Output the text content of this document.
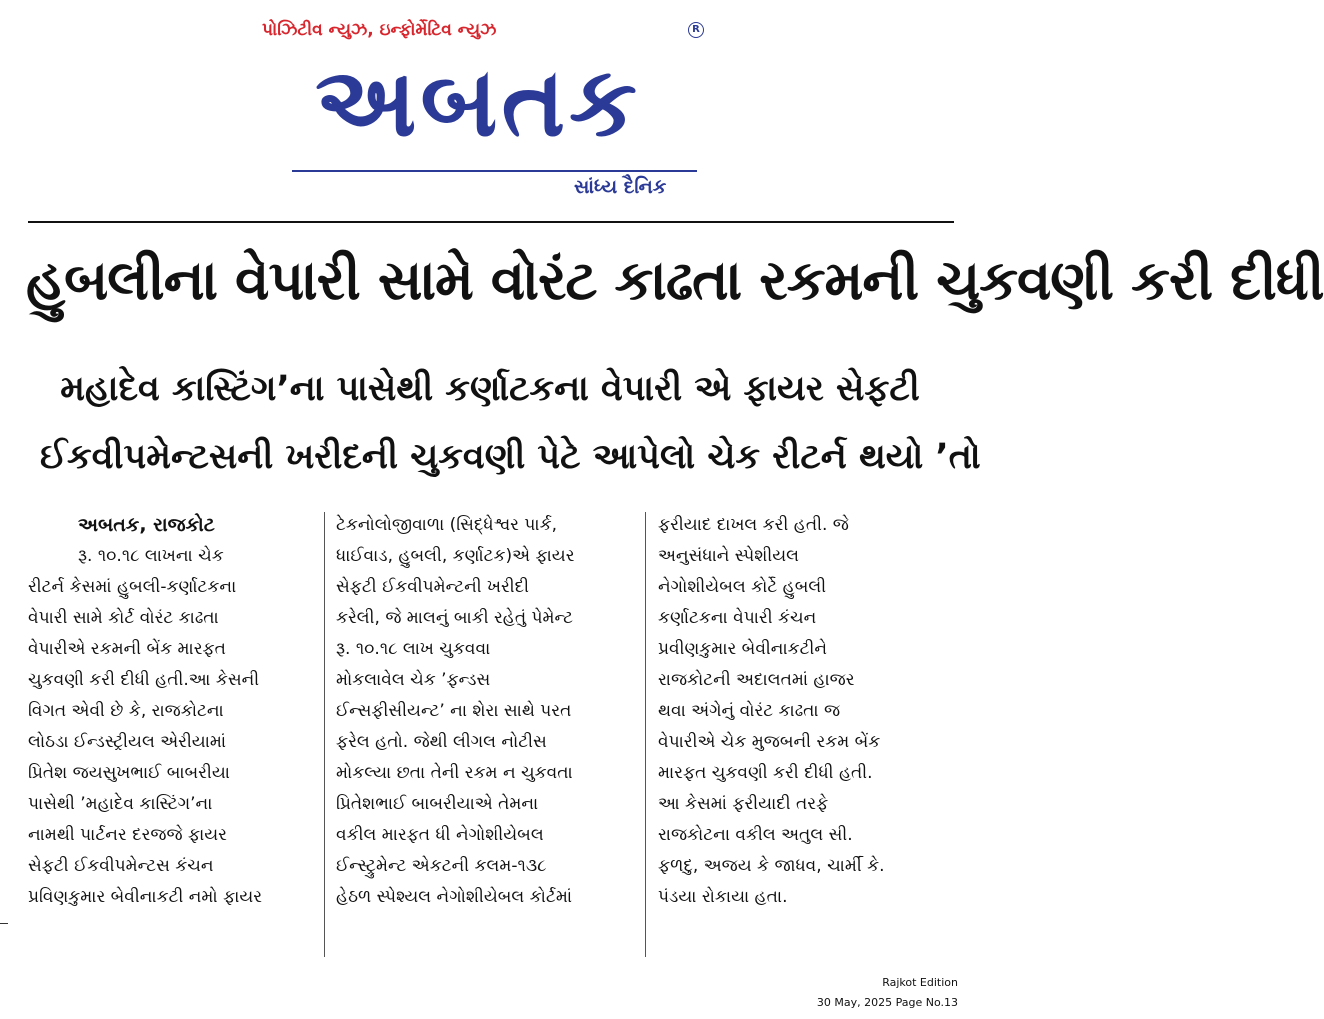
પોઝિટીવ ન્યુઝ, ઇન્ફોર્મેટિવ ન્યુઝ	R
અબતક
સાંધ્ય દૈનિક
હુબલીના વેપારી સામે વોરંટ કાઢતા રકમની ચુકવણી કરી દીધી
મહાદેવ કાસ્ટિંગ’ના પાસેથી કર્ણાટકના વેપારી એ ફાયર સેફટી
ઈકવીપમેન્ટસની ખરીદની ચુકવણી પેટે આપેલો ચેક રીટર્ન થયો ’તો
અબતક, રાજકોટ
રૂ. ૧૦.૧૮ લાખના ચેક
રીટર્ન કેસમાં હુબલી-કર્ણાટકના
વેપારી સામે કોર્ટ વોરંટ કાઢતા
વેપારીએ રકમની બેંક મારફત
ચુકવણી કરી દીધી હતી.આ કેસની
વિગત એવી છે કે, રાજકોટના
લોઠડા ઈન્ડસ્ટ્રીયલ એરીયામાં
પ્રિતેશ જયસુખભાઈ બાબરીયા
પાસેથી ’મહાદેવ કાસ્ટિંગ’ના
નામથી પાર્ટનર દરજજે ફાયર
સેફટી ઈકવીપમેન્ટસ કંચન
પ્રવિણકુમાર બેવીનાકટી નમો ફાયર
ટેકનોલોજીવાળા (સિદ્ધેશ્વર પાર્ક,
ધાઈવાડ, હુબલી, કર્ણાટક)એ ફાયર
સેફટી ઈકવીપમેન્ટની ખરીદી
કરેલી, જે માલનું બાકી રહેતું પેમેન્ટ
રૂ. ૧૦.૧૮ લાખ ચુકવવા
મોકલાવેલ ચેક ’ફન્ડસ
ઈન્સફીસીયન્ટ’ ના શેરા સાથે પરત
ફરેલ હતો. જેથી લીગલ નોટીસ
મોકલ્યા છતા તેની રકમ ન ચુકવતા
પ્રિતેશભાઈ બાબરીયાએ તેમના
વકીલ મારફત ધી નેગોશીયેબલ
ઈન્સ્ટ્રુમેન્ટ એકટની કલમ-૧૩૮
હેઠળ સ્પેશ્યલ નેગોશીયેબલ કોર્ટમાં
ફરીયાદ દાખલ કરી હતી. જે
અનુસંધાને સ્પેશીયલ
નેગોશીયેબલ કોર્ટે હુબલી
કર્ણાટકના વેપારી કંચન
પ્રવીણકુમાર બેવીનાકટીને
રાજકોટની અદાલતમાં હાજર
થવા અંગેનું વોરંટ કાઢતા જ
વેપારીએ ચેક મુજબની રકમ બેંક
મારફત ચુકવણી કરી દીધી હતી.
આ કેસમાં ફરીયાદી તરફે
રાજકોટના વકીલ અતુલ સી.
ફળદુ, અજય કે જાધવ, ચાર્મી કે.
પંડયા રોકાયા હતા.
Rajkot Edition
30 May, 2025 Page No.13
